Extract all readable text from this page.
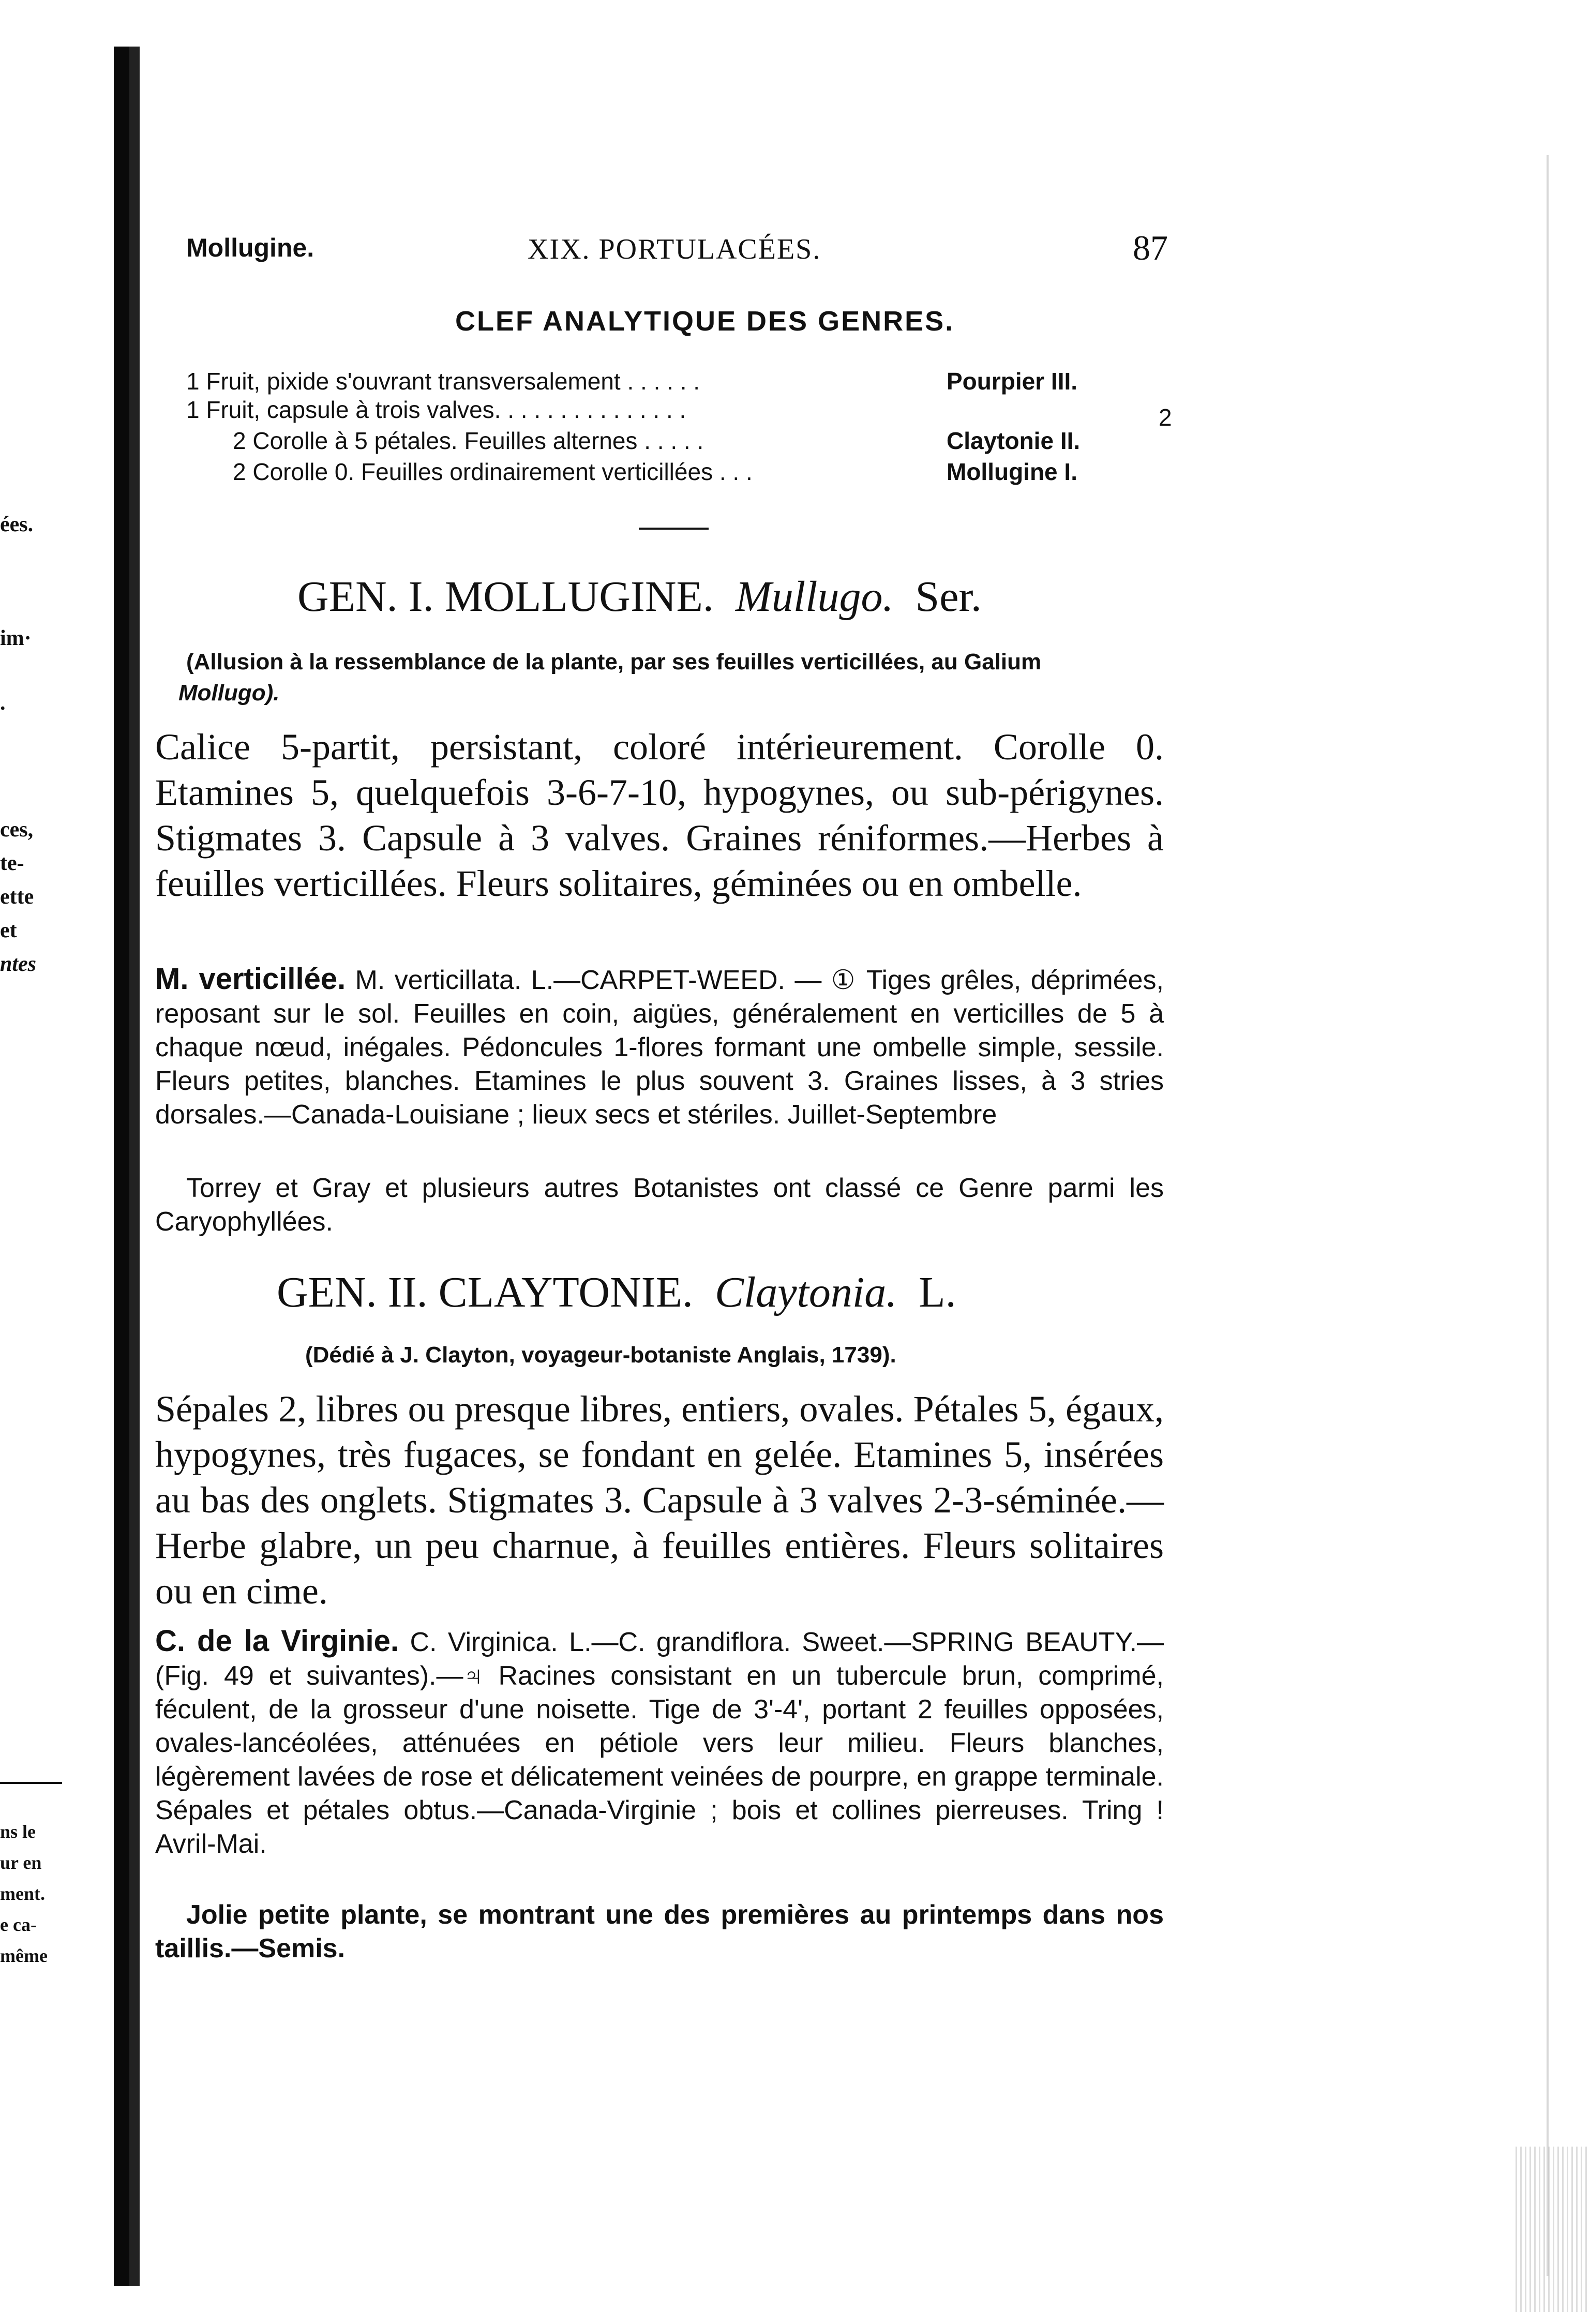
ées.
im·
.
ces,
te-
ette
et
ntes
ns le
ur en
ment.
e ca-
même
Mollugine.	XIX. PORTULACÉES.	87
CLEF ANALYTIQUE DES GENRES.
1 Fruit, pixide s'ouvrant transversalement . . . . . .	Pourpier III.
1 Fruit, capsule à trois valves. . . . . . . . . . . . . . .	2
2 Corolle à 5 pétales. Feuilles alternes . . . . .	Claytonie II.
2 Corolle 0. Feuilles ordinairement verticillées . . .	Mollugine I.
GEN. I. MOLLUGINE. Mullugo. Ser.
(Allusion à la ressemblance de la plante, par ses feuilles verticillées, au Galium
Mollugo).
Calice 5-partit, persistant, coloré intérieurement. Corolle 0. Etamines 5, quelquefois 3-6-7-10, hypogynes, ou sub-périgynes. Stigmates 3. Capsule à 3 valves. Graines réniformes.—Herbes à feuilles verticillées. Fleurs solitaires, géminées ou en ombelle.
M. verticillée. M. verticillata. L.—CARPET-WEED. — ① Tiges grêles, déprimées, reposant sur le sol. Feuilles en coin, aigües, généralement en verticilles de 5 à chaque nœud, inégales. Pédoncules 1-flores formant une ombelle simple, sessile. Fleurs petites, blanches. Etamines le plus souvent 3. Graines lisses, à 3 stries dorsales.—Canada-Louisiane ; lieux secs et stériles. Juillet-Septembre
Torrey et Gray et plusieurs autres Botanistes ont classé ce Genre parmi les Caryophyllées.
GEN. II. CLAYTONIE. Claytonia. L.
(Dédié à J. Clayton, voyageur-botaniste Anglais, 1739).
Sépales 2, libres ou presque libres, entiers, ovales. Pétales 5, égaux, hypogynes, très fugaces, se fondant en gelée. Etamines 5, insérées au bas des onglets. Stigmates 3. Capsule à 3 valves 2-3-séminée.—Herbe glabre, un peu charnue, à feuilles entières. Fleurs solitaires ou en cime.
C. de la Virginie. C. Virginica. L.—C. grandiflora. Sweet.—SPRING BEAUTY.—(Fig. 49 et suivantes).—♃ Racines consistant en un tubercule brun, comprimé, féculent, de la grosseur d'une noisette. Tige de 3'-4', portant 2 feuilles opposées, ovales-lancéolées, atténuées en pétiole vers leur milieu. Fleurs blanches, légèrement lavées de rose et délicatement veinées de pourpre, en grappe terminale. Sépales et pétales obtus.—Canada-Virginie ; bois et collines pierreuses. Tring ! Avril-Mai.
Jolie petite plante, se montrant une des premières au printemps dans nos taillis.—Semis.
